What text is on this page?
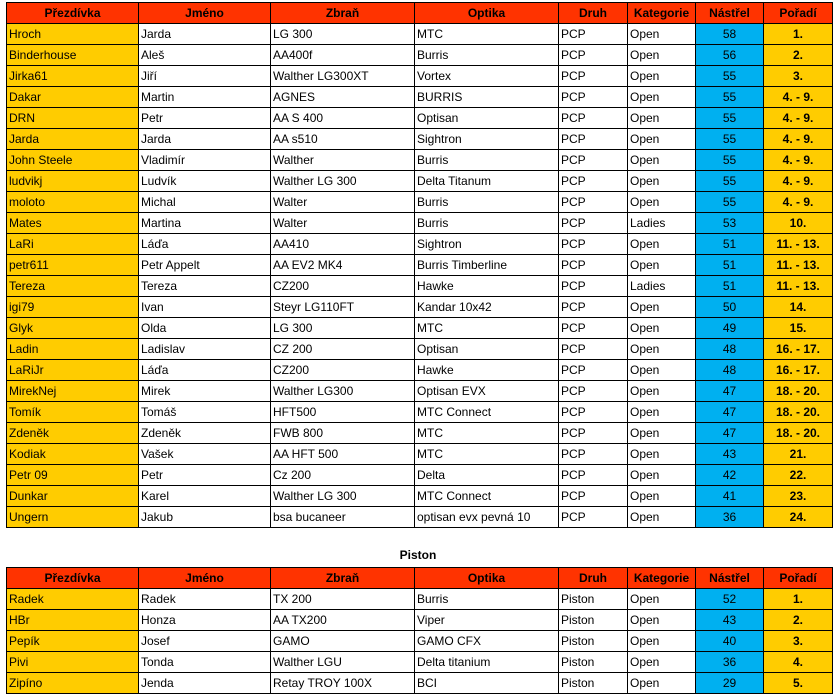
Přezdívka	Jméno	Zbraň	Optika	Druh	Kategorie	Nástřel	Pořadí
Hroch	Jarda	LG 300	MTC	PCP	Open	58	1.
Binderhouse	Aleš	AA400f	Burris	PCP	Open	56	2.
Jirka61	Jiří	Walther LG300XT	Vortex	PCP	Open	55	3.
Dakar	Martin	AGNES	BURRIS	PCP	Open	55	4. - 9.
DRN	Petr	AA S 400	Optisan	PCP	Open	55	4. - 9.
Jarda	Jarda	AA s510	Sightron	PCP	Open	55	4. - 9.
John Steele	Vladimír	Walther	Burris	PCP	Open	55	4. - 9.
ludvikj	Ludvík	Walther LG 300	Delta Titanum	PCP	Open	55	4. - 9.
moloto	Michal	Walter	Burris	PCP	Open	55	4. - 9.
Mates	Martina	Walter	Burris	PCP	Ladies	53	10.
LaRi	Láďa	AA410	Sightron	PCP	Open	51	11. - 13.
petr611	Petr Appelt	AA EV2 MK4	Burris Timberline	PCP	Open	51	11. - 13.
Tereza	Tereza	CZ200	Hawke	PCP	Ladies	51	11. - 13.
igi79	Ivan	Steyr LG110FT	Kandar 10x42	PCP	Open	50	14.
Glyk	Olda	LG 300	MTC	PCP	Open	49	15.
Ladin	Ladislav	CZ 200	Optisan	PCP	Open	48	16. - 17.
LaRiJr	Láďa	CZ200	Hawke	PCP	Open	48	16. - 17.
MirekNej	Mirek	Walther LG300	Optisan EVX	PCP	Open	47	18. - 20.
Tomík	Tomáš	HFT500	MTC Connect	PCP	Open	47	18. - 20.
Zdeněk	Zdeněk	FWB 800	MTC	PCP	Open	47	18. - 20.
Kodiak	Vašek	AA HFT 500	MTC	PCP	Open	43	21.
Petr 09	Petr	Cz 200	Delta	PCP	Open	42	22.
Dunkar	Karel	Walther LG 300	MTC Connect	PCP	Open	41	23.
Ungern	Jakub	bsa bucaneer	optisan evx pevná 10	PCP	Open	36	24.
Piston
Přezdívka	Jméno	Zbraň	Optika	Druh	Kategorie	Nástřel	Pořadí
Radek	Radek	TX 200	Burris	Piston	Open	52	1.
HBr	Honza	AA TX200	Viper	Piston	Open	43	2.
Pepík	Josef	GAMO	GAMO CFX	Piston	Open	40	3.
Pivi	Tonda	Walther LGU	Delta titanium	Piston	Open	36	4.
Zipíno	Jenda	Retay TROY 100X	BCI	Piston	Open	29	5.
